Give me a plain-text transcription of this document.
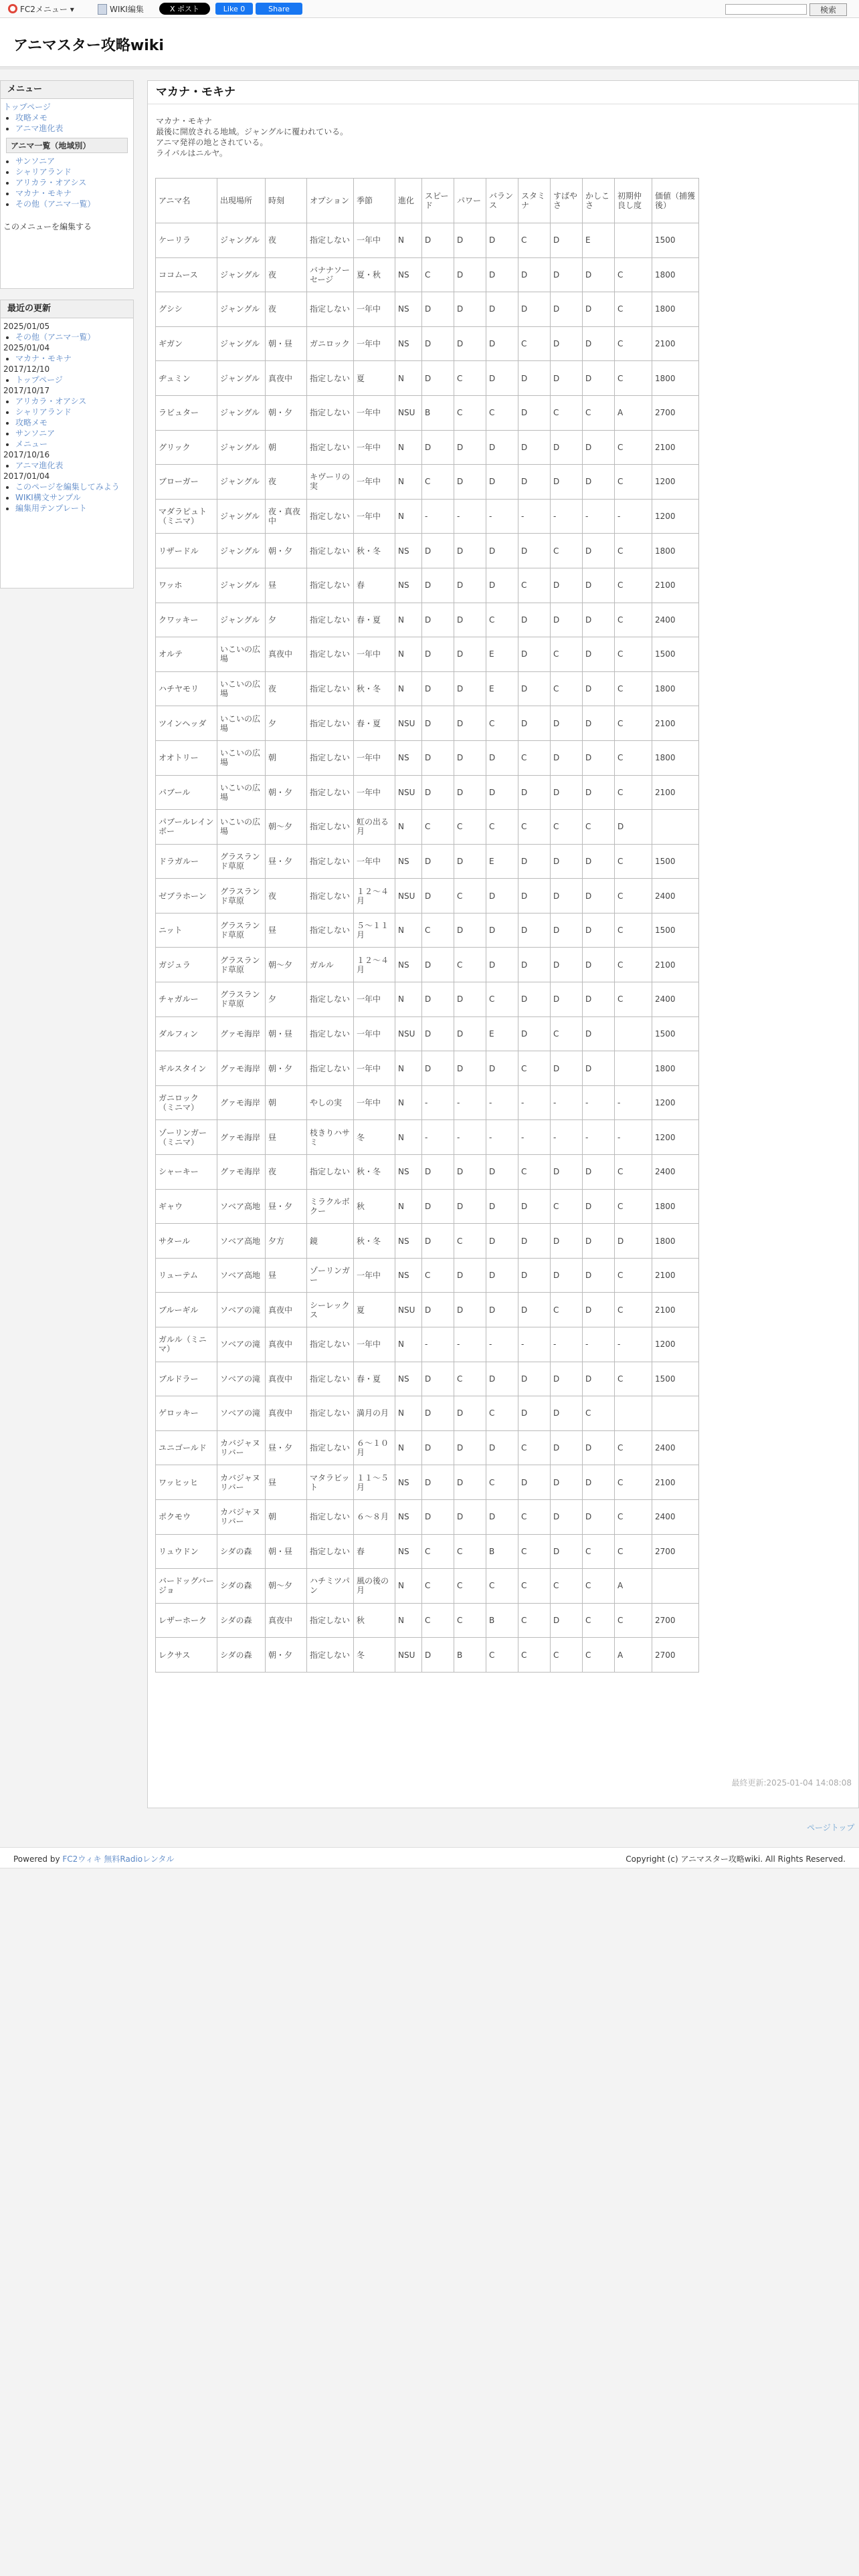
FC2メニュー ▾	WIKI編集	X ポスト	Like 0	Share	検索
アニマスター攻略wiki
メニュー
トップページ
• 攻略メモ
• アニマ進化表
アニマ一覧（地域別）
• サンソニア
• シャリアランド
• アリカラ・オアシス
• マカナ・モキナ
• その他（アニマ一覧）
このメニューを編集する
最近の更新
2025/01/05
• その他（アニマ一覧）
2025/01/04
• マカナ・モキナ
2017/12/10
• トップページ
2017/10/17
• アリカラ・オアシス
• シャリアランド
• 攻略メモ
• サンソニア
• メニュー
2017/10/16
• アニマ進化表
2017/01/04
• このページを編集してみよう
• WIKI構文サンプル
• 編集用テンプレート
マカナ・モキナ
マカナ・モキナ
最後に開放される地域。ジャングルに覆われている。
アニマ発祥の地とされている。
ライバルはニルヤ。
アニマ名	出現場所	時刻	オプション	季節	進化	スピード	パワー	バランス	スタミナ	すばやさ	かしこさ	初期仲良し度	価値（捕獲後）
ケーリラ	ジャングル	夜	指定しない	一年中	N	D	D	D	C	D	E		1500
ココムース	ジャングル	夜	バナナソーセージ	夏・秋	NS	C	D	D	D	D	D	C	1800
グシシ	ジャングル	夜	指定しない	一年中	NS	D	D	D	D	D	D	C	1800
ギガン	ジャングル	朝・昼	ガニロック	一年中	NS	D	D	D	C	D	D	C	2100
ヂュミン	ジャングル	真夜中	指定しない	夏	N	D	C	D	D	D	D	C	1800
ラビュター	ジャングル	朝・夕	指定しない	一年中	NSU	B	C	C	D	C	C	A	2700
グリック	ジャングル	朝	指定しない	一年中	N	D	D	D	D	D	D	C	2100
ブローガー	ジャングル	夜	キヴーリの実	一年中	N	C	D	D	D	D	D	C	1200
マダラピュト（ミニマ）	ジャングル	夜・真夜中	指定しない	一年中	N	-	-	-	-	-	-	-	1200
リザードル	ジャングル	朝・夕	指定しない	秋・冬	NS	D	D	D	D	C	D	C	1800
ワッホ	ジャングル	昼	指定しない	春	NS	D	D	D	C	D	D	C	2100
クワッキー	ジャングル	夕	指定しない	春・夏	N	D	D	C	D	D	D	C	2400
オルテ	いこいの広場	真夜中	指定しない	一年中	N	D	D	E	D	C	D	C	1500
ハチヤモリ	いこいの広場	夜	指定しない	秋・冬	N	D	D	E	D	C	D	C	1800
ツインヘッダ	いこいの広場	夕	指定しない	春・夏	NSU	D	D	C	D	D	D	C	2100
オオトリー	いこいの広場	朝	指定しない	一年中	NS	D	D	D	C	D	D	C	1800
パブール	いこいの広場	朝・夕	指定しない	一年中	NSU	D	D	D	D	D	D	C	2100
パブールレインボー	いこいの広場	朝～夕	指定しない	虹の出る月	N	C	C	C	C	C	C	D	
ドラガルー	グラスランド草原	昼・夕	指定しない	一年中	NS	D	D	E	D	D	D	C	1500
ゼブラホーン	グラスランド草原	夜	指定しない	１２～４月	NSU	D	C	D	D	D	D	C	2400
ニット	グラスランド草原	昼	指定しない	５～１１月	N	C	D	D	D	D	D	C	1500
ガジュラ	グラスランド草原	朝～夕	ガルル	１２～４月	NS	D	C	D	D	D	D	C	2100
チャガルー	グラスランド草原	夕	指定しない	一年中	N	D	D	C	D	D	D	C	2400
ダルフィン	グァモ海岸	朝・昼	指定しない	一年中	NSU	D	D	E	D	C	D		1500
ギルスタイン	グァモ海岸	朝・夕	指定しない	一年中	N	D	D	D	C	D	D		1800
ガニロック（ミニマ）	グァモ海岸	朝	やしの実	一年中	N	-	-	-	-	-	-	-	1200
ゾーリンガー（ミニマ）	グァモ海岸	昼	枝きりハサミ	冬	N	-	-	-	-	-	-	-	1200
シャーキー	グァモ海岸	夜	指定しない	秋・冬	NS	D	D	D	C	D	D	C	2400
ギャウ	ソベア高地	昼・夕	ミラクルボクー	秋	N	D	D	D	D	C	D	C	1800
サタール	ソベア高地	夕方	鏡	秋・冬	NS	D	C	D	D	D	D	D	1800
リューテム	ソベア高地	昼	ゾーリンガー	一年中	NS	C	D	D	D	D	D	C	2100
ブルーギル	ソベアの滝	真夜中	シーレックス	夏	NSU	D	D	D	D	C	D	C	2100
ガルル（ミニマ）	ソベアの滝	真夜中	指定しない	一年中	N	-	-	-	-	-	-	-	1200
ブルドラー	ソベアの滝	真夜中	指定しない	春・夏	NS	D	C	D	D	D	D	C	1500
ゲロッキー	ソベアの滝	真夜中	指定しない	満月の月	N	D	D	C	D	D	C		
ユニゴールド	カバジャヌリバー	昼・夕	指定しない	６～１０月	N	D	D	D	C	D	D	C	2400
ワッヒッヒ	カバジャヌリバー	昼	マタラビット	１１～５月	NS	D	D	C	D	D	D	C	2100
ポクモウ	カバジャヌリバー	朝	指定しない	６～８月	NS	D	D	D	C	D	D	C	2400
リュウドン	シダの森	朝・昼	指定しない	春	NS	C	C	B	C	D	C	C	2700
バードッグバージョ	シダの森	朝～夕	ハチミツパン	風の後の月	N	C	C	C	C	C	C	A	
レザーホーク	シダの森	真夜中	指定しない	秋	N	C	C	B	C	D	C	C	2700
レクサス	シダの森	朝・夕	指定しない	冬	NSU	D	B	C	C	C	C	A	2700
最終更新:2025-01-04 14:08:08
ページトップ
Powered by FC2ウィキ 無料Radioレンタル	Copyright (c) アニマスター攻略wiki. All Rights Reserved.
